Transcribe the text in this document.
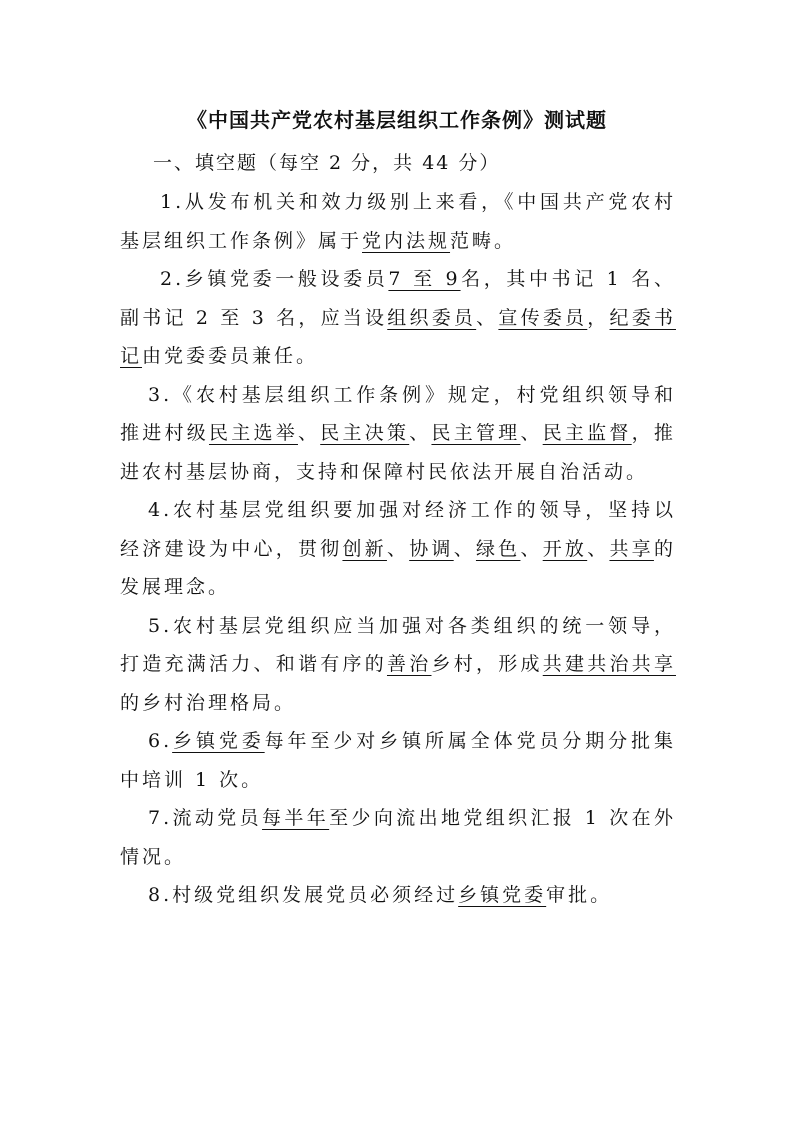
《中国共产党农村基层组织工作条例》测试题
一、填空题（每空 2 分，共 44 分）

1.从发布机关和效力级别上来看，《中国共产党农村基层组织工作条例》属于党内法规范畴。

2.乡镇党委一般设委员7 至 9名，其中书记 1 名、副书记 2 至 3 名，应当设组织委员、宣传委员，纪委书记由党委委员兼任。

3.《农村基层组织工作条例》规定，村党组织领导和推进村级民主选举、民主决策、民主管理、民主监督，推进农村基层协商，支持和保障村民依法开展自治活动。

4.农村基层党组织要加强对经济工作的领导，坚持以经济建设为中心，贯彻创新、协调、绿色、开放、共享的发展理念。

5.农村基层党组织应当加强对各类组织的统一领导，打造充满活力、和谐有序的善治乡村，形成共建共治共享的乡村治理格局。

6.乡镇党委每年至少对乡镇所属全体党员分期分批集中培训 1 次。

7.流动党员每半年至少向流出地党组织汇报 1 次在外情况。

8.村级党组织发展党员必须经过乡镇党委审批。
